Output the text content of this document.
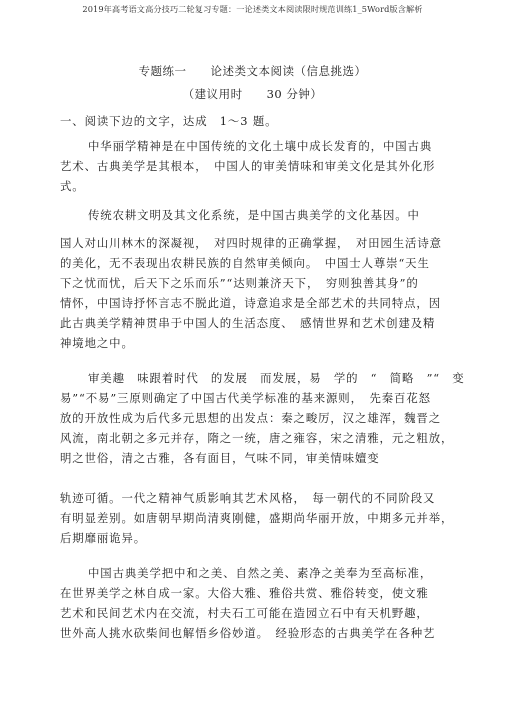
2019年高考语文高分技巧二轮复习专题：一论述类文本阅读限时规范训练1_5Word版含解析
专题练一　　论述类文本阅读（信息挑选）
（建议用时　　30 分钟）
一、阅读下边的文字，达成　1～3 题。
中华丽学精神是在中国传统的文化土壤中成长发育的，中国古典
艺术、古典美学是其根本，　中国人的审美情味和审美文化是其外化形
式。
传统农耕文明及其文化系统，是中国古典美学的文化基因。中
国人对山川林木的深凝视，　对四时规律的正确掌握，　对田园生活诗意
的美化，无不表现出农耕民族的自然审美倾向。　中国士人尊崇“天生
下之忧而忧，后天下之乐而乐”“达则兼济天下，　穷则独善其身”的
情怀，中国诗抒怀言志不脱此道，诗意追求是全部艺术的共同特点，因
此古典美学精神贯串于中国人的生活态度、　感情世界和艺术创建及精
神境地之中。
审美趣　味跟着时代　的发展　而发展，易　学的　“　简略　”“　变
易”“不易”三原则确定了中国古代美学标准的基来源则，　先秦百花怒
放的开放性成为后代多元思想的出发点：秦之畯厉，汉之雄浑，魏晋之
风流，南北朝之多元并存，隋之一统，唐之雍容，宋之清雅，元之粗放，
明之世俗，清之古雅，各有面目，气味不同，审美情味嬗变
轨迹可循。一代之精神气质影响其艺术风格，　每一朝代的不同阶段又
有明显差别。如唐朝早期尚清爽刚健，盛期尚华丽开放，中期多元并举，
后期靡丽诡异。
中国古典美学把中和之美、自然之美、素净之美奉为至高标准，
在世界美学之林自成一家。大俗大雅、雅俗共赏、雅俗转变，使文雅
艺术和民间艺术内在交流，村夫石工可能在造园立石中有天机野趣，
世外高人挑水砍柴间也解悟乡俗妙道。　经验形态的古典美学在各种艺
